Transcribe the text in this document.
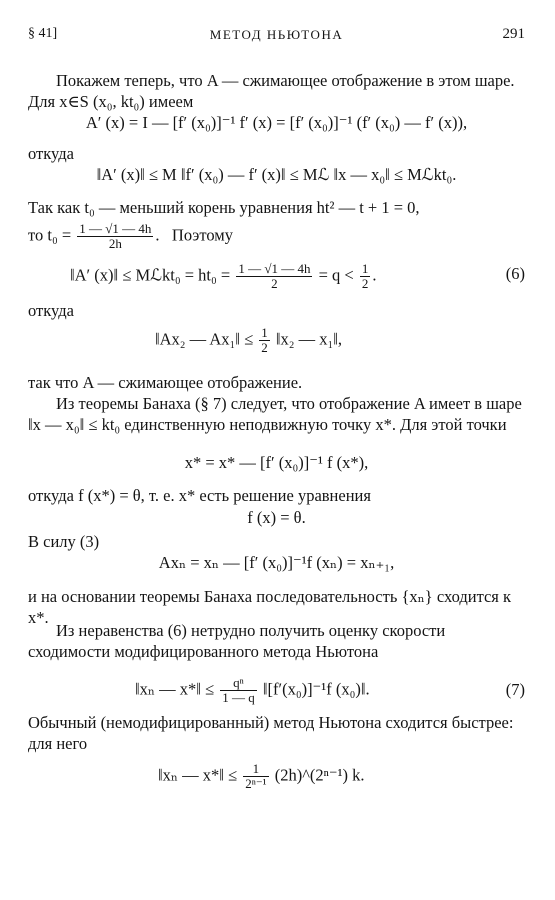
§ 41]	МЕТОД НЬЮТОНА	291
Покажем теперь, что A — сжимающее отображение в этом шаре. Для x∈S (x₀, kt₀) имеем
A′ (x) = I — [f′ (x₀)]⁻¹ f′ (x) = [f′ (x₀)]⁻¹ (f′ (x₀) — f′ (x)),
откуда
‖A′ (x)‖ ≤ M ‖f′ (x₀) — f′ (x)‖ ≤ Mℒ ‖x — x₀‖ ≤ Mℒkt₀.
Так как t₀ — меньший корень уравнения ht² — t + 1 = 0,
то $t_0 = \frac{1 — √1 — 4h}{2h}$ .   Поэтому
‖A′ (x)‖ ≤ Mℒkt₀ = $ht_0 = \frac{1 — √1 — 4h}{2} = q < \frac{1}{2}$ .	(6)
откуда
‖Ax₂ — Ax₁‖ ≤ $\frac{1}{2}$ ‖x₂ — x₁‖,
так что A — сжимающее отображение.
Из теоремы Банаха (§ 7) следует, что отображение A имеет в шаре ‖x — x₀‖ ≤ kt₀ единственную неподвижную точку x*. Для этой точки
x* = x* — [f′ (x₀)]⁻¹ f (x*),
откуда f (x*) = θ, т. е. x* есть решение уравнения
f (x) = θ.
В силу (3)
Axₙ = xₙ — [f′ (x₀)]⁻¹f (xₙ) = xₙ₊₁,
и на основании теоремы Банаха последовательность {xₙ} сходится к x*.
Из неравенства (6) нетрудно получить оценку скорости сходимости модифицированного метода Ньютона
‖xₙ — x*‖ ≤ $\frac{\text{qⁿ}}{1 — q}$ ‖[f′(x₀)]⁻¹f (x₀)‖.	(7)
Обычный (немодифицированный) метод Ньютона сходится быстрее: для него
‖xₙ — x*‖ ≤ $\frac{1}{\text{2ⁿ⁻¹}}$ (2h)^(2ⁿ⁻¹) k.
